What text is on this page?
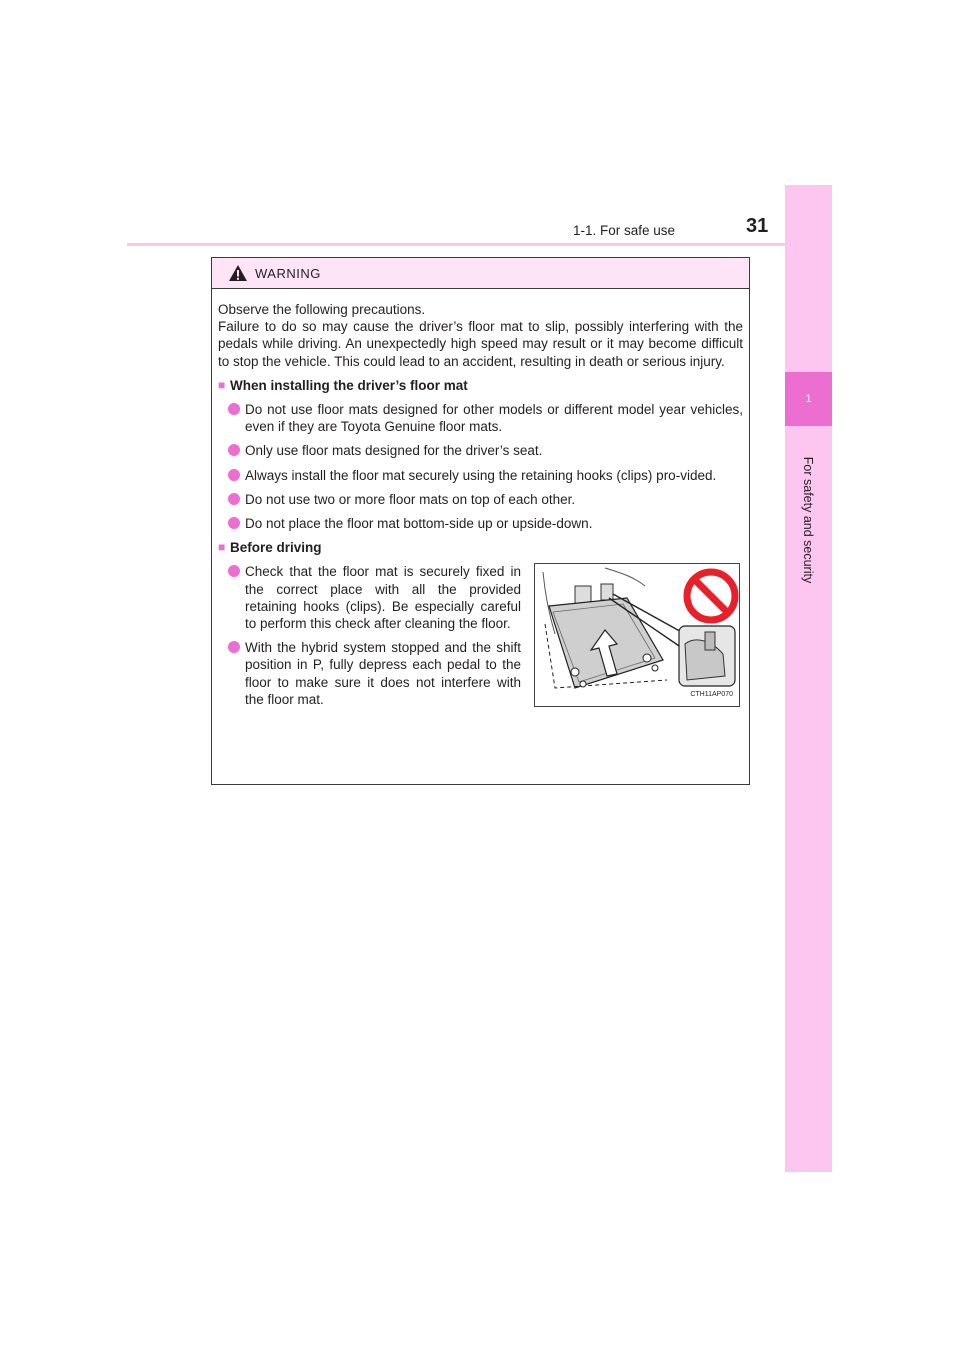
1
For safety and security
1-1. For safe use	31
WARNING

Observe the following precautions.

Failure to do so may cause the driver’s floor mat to slip, possibly interfering with the pedals while driving. An unexpectedly high speed may result or it may become difficult to stop the vehicle. This could lead to an accident, resulting in death or serious injury.

■ When installing the driver’s floor mat
Do not use floor mats designed for other models or different model year vehicles, even if they are Toyota Genuine floor mats.
Only use floor mats designed for the driver’s seat.
Always install the floor mat securely using the retaining hooks (clips) pro-vided.
Do not use two or more floor mats on top of each other.
Do not place the floor mat bottom-side up or upside-down.
■ Before driving
Check that the floor mat is securely fixed in the correct place with all the provided retaining hooks (clips). Be especially careful to perform this check after cleaning the floor.
With the hybrid system stopped and the shift position in P, fully depress each pedal to the floor to make sure it does not interfere with the floor mat.	CTH11AP070
